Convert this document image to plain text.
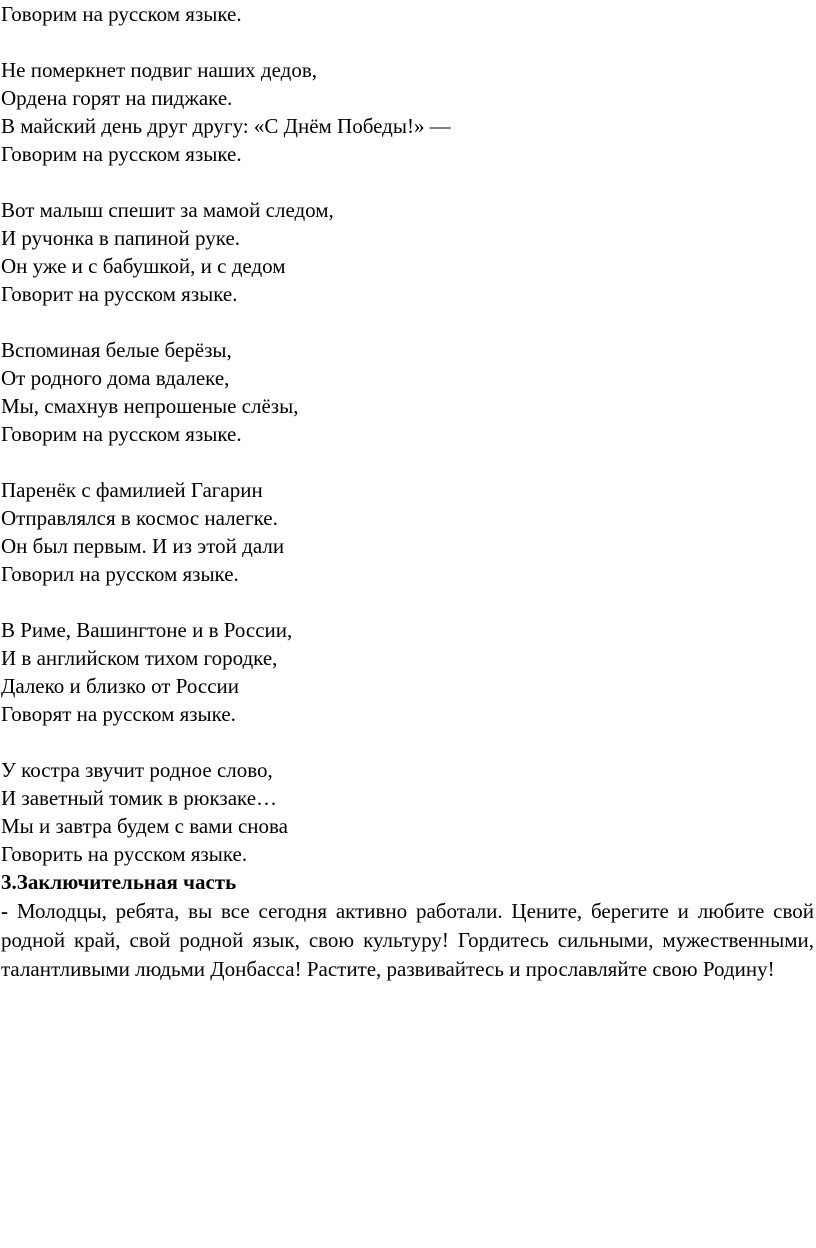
Говорим на русском языке.
Не померкнет подвиг наших дедов,
Ордена горят на пиджаке.
В майский день друг другу: «С Днём Победы!» —
Говорим на русском языке.
Вот малыш спешит за мамой следом,
И ручонка в папиной руке.
Он уже и с бабушкой, и с дедом
Говорит на русском языке.
Вспоминая белые берёзы,
От родного дома вдалеке,
Мы, смахнув непрошеные слёзы,
Говорим на русском языке.
Паренёк с фамилией Гагарин
Отправлялся в космос налегке.
Он был первым. И из этой дали
Говорил на русском языке.
В Риме, Вашингтоне и в России,
И в английском тихом городке,
Далеко и близко от России
Говорят на русском языке.
У костра звучит родное слово,
И заветный томик в рюкзаке…
Мы и завтра будем с вами снова
Говорить на русском языке.
3.Заключительная часть

- Молодцы, ребята, вы все сегодня активно работали. Цените, берегите и любите свой родной край, свой родной язык, свою культуру! Гордитесь сильными, мужественными, талантливыми людьми Донбасса! Растите, развивайтесь и прославляйте свою Родину!
